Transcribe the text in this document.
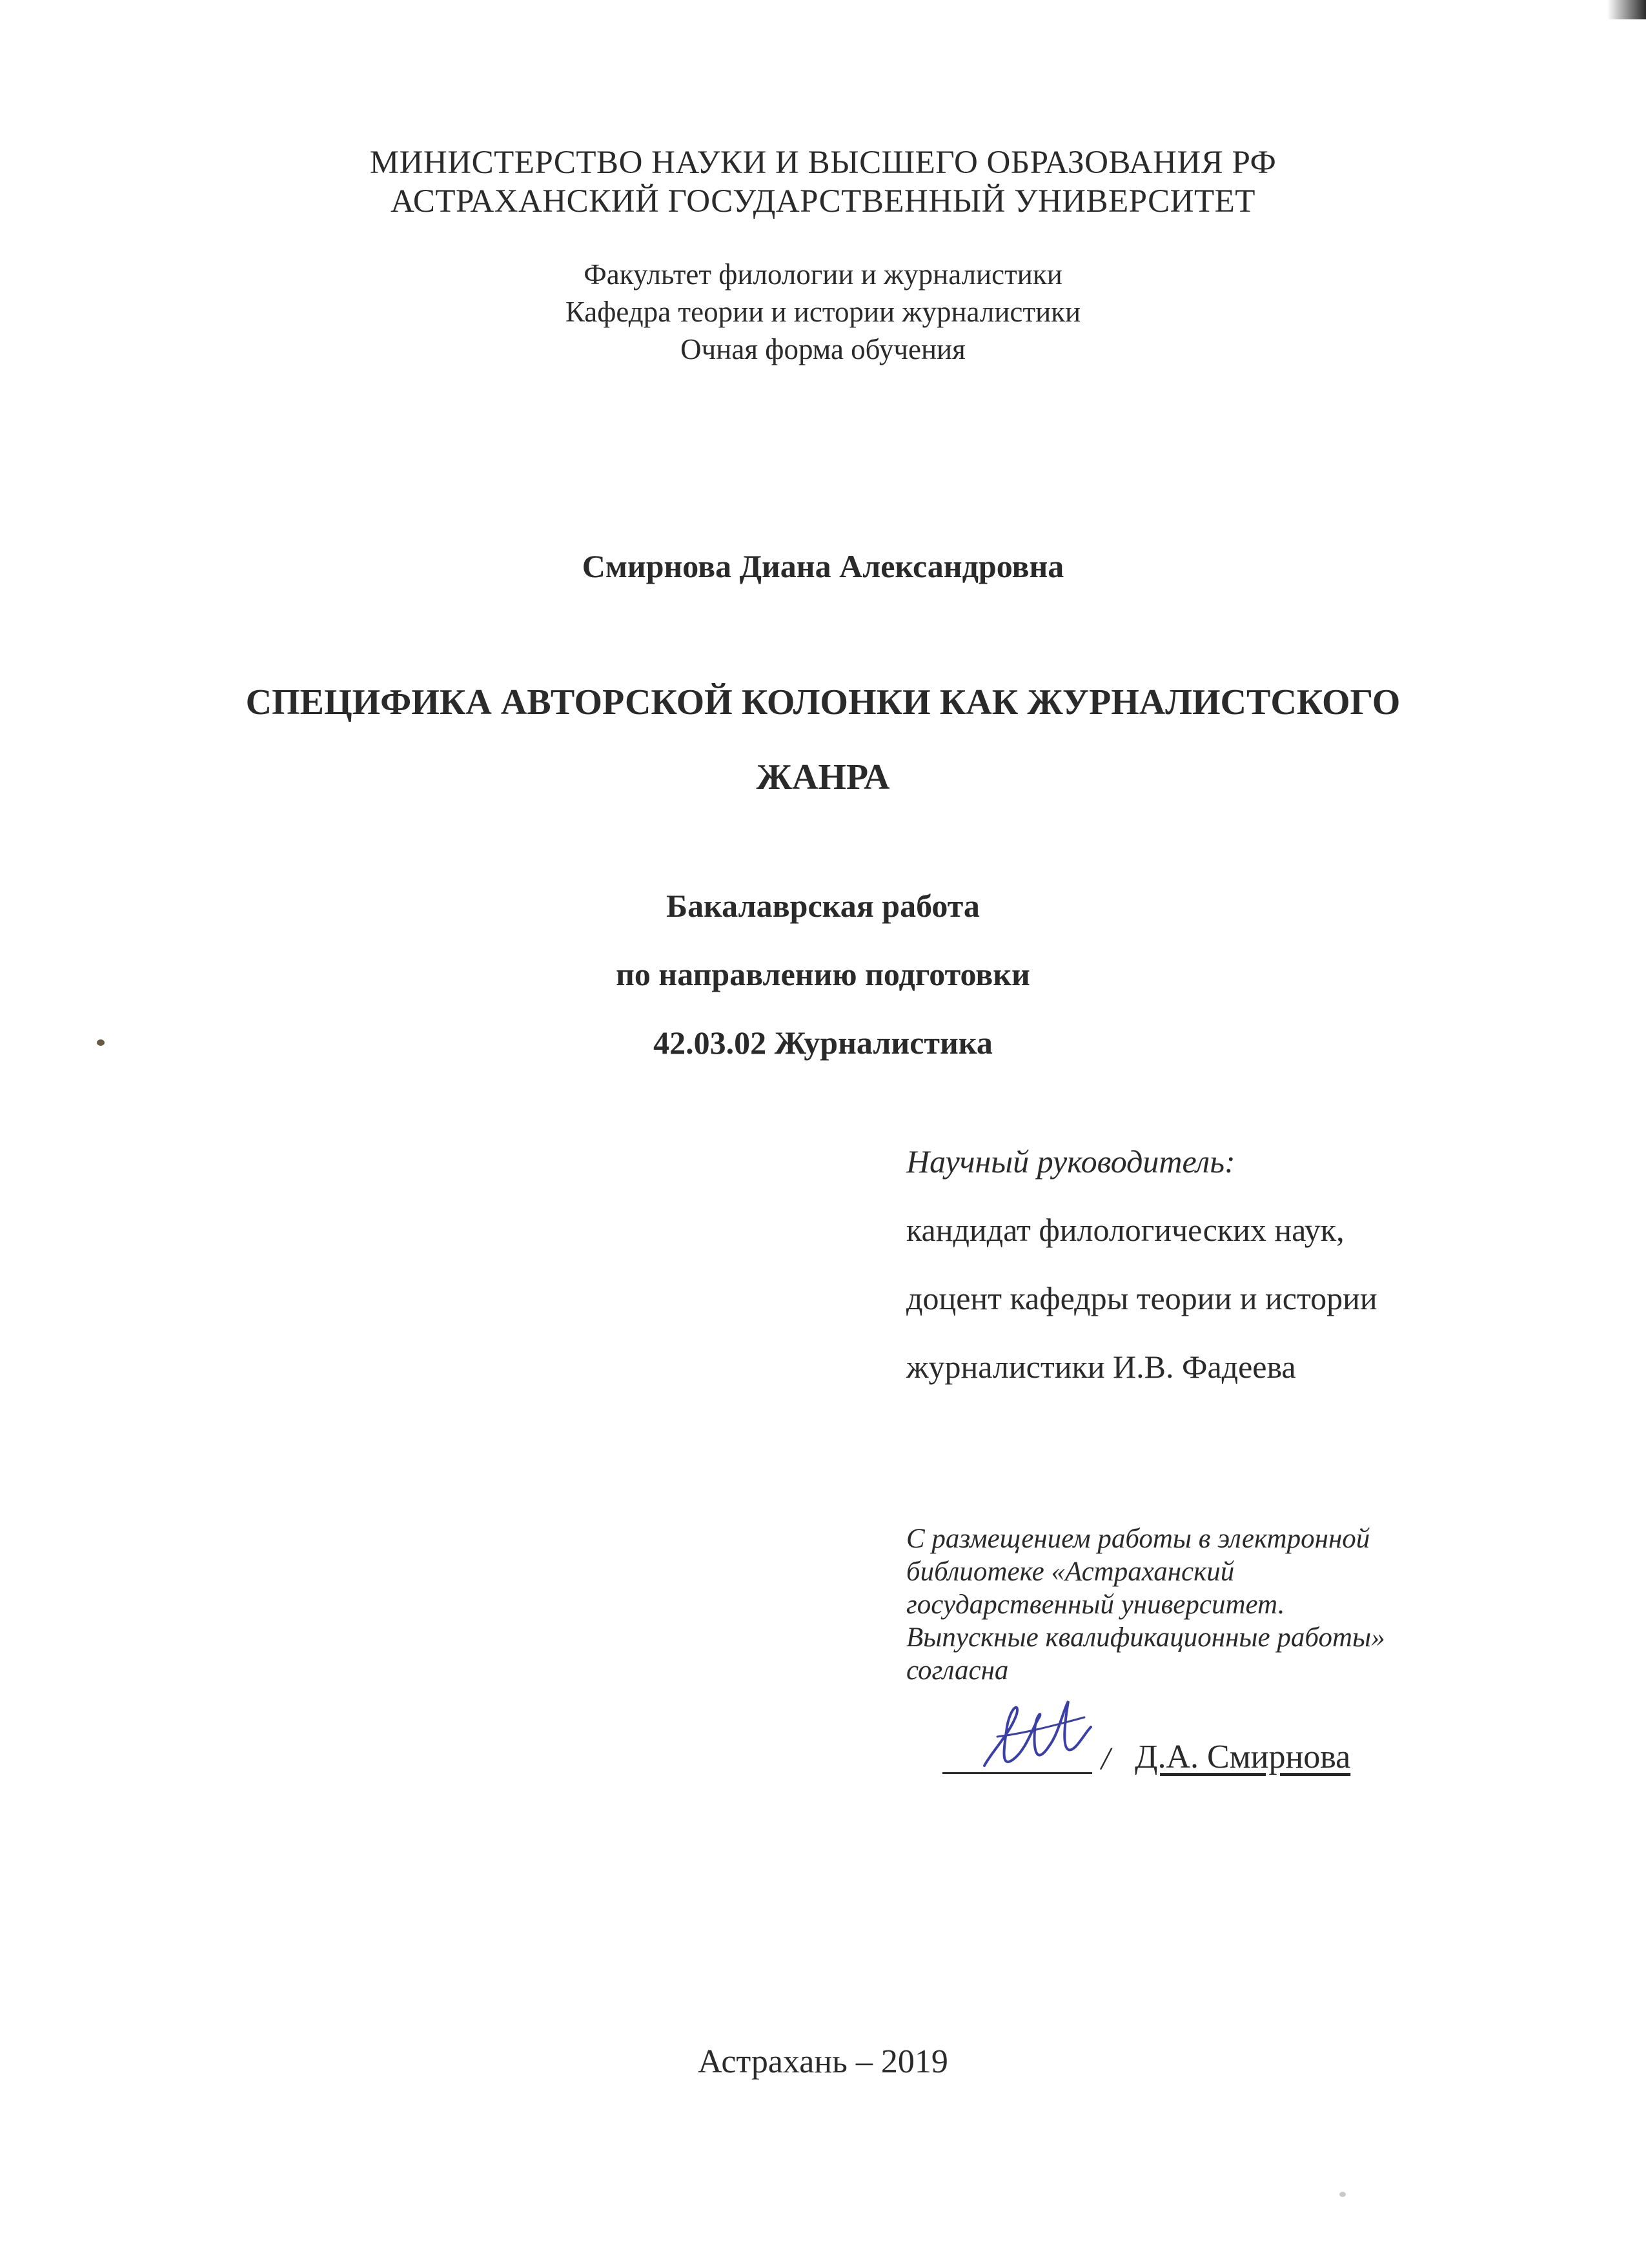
МИНИСТЕРСТВО НАУКИ И ВЫСШЕГО ОБРАЗОВАНИЯ РФ
АСТРАХАНСКИЙ ГОСУДАРСТВЕННЫЙ УНИВЕРСИТЕТ
Факультет филологии и журналистики
Кафедра теории и истории журналистики
Очная форма обучения
Смирнова Диана Александровна
СПЕЦИФИКА АВТОРСКОЙ КОЛОНКИ КАК ЖУРНАЛИСТСКОГО
ЖАНРА
Бакалаврская работа
по направлению подготовки
42.03.02 Журналистика
Научный руководитель:
кандидат филологических наук,
доцент кафедры теории и истории
журналистики И.В. Фадеева
С размещением работы в электронной
библиотеке «Астраханский
государственный университет.
Выпускные квалификационные работы»
согласна
/ Д.А. Смирнова
Астрахань – 2019
